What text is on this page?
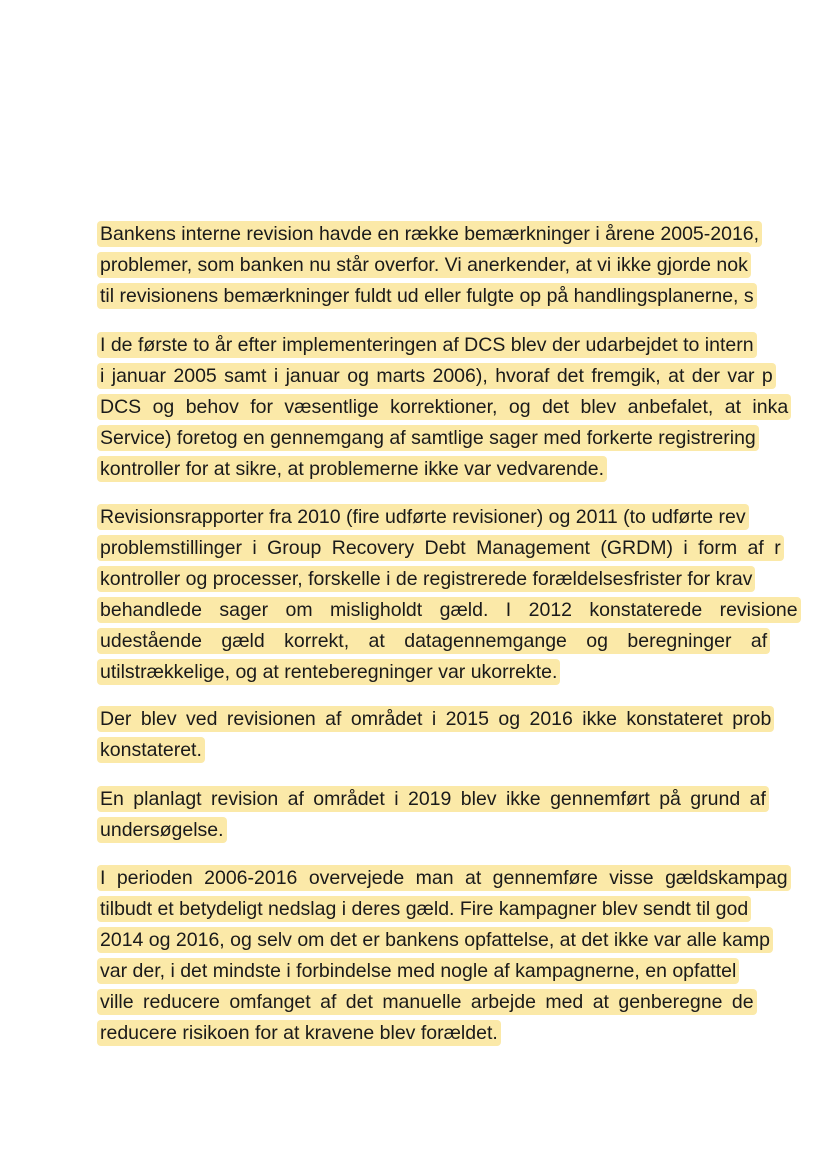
Bankens interne revision havde en række bemærkninger i årene 2005-2016,
problemer, som banken nu står overfor. Vi anerkender, at vi ikke gjorde nok
til revisionens bemærkninger fuldt ud eller fulgte op på handlingsplanerne, s
I de første to år efter implementeringen af DCS blev der udarbejdet to intern
i januar 2005 samt i januar og marts 2006), hvoraf det fremgik, at der var p
DCS og behov for væsentlige korrektioner, og det blev anbefalet, at inka
Service) foretog en gennemgang af samtlige sager med forkerte registrering
kontroller for at sikre, at problemerne ikke var vedvarende.
Revisionsrapporter fra 2010 (fire udførte revisioner) og 2011 (to udførte rev
problemstillinger i Group Recovery Debt Management (GRDM) i form af r
kontroller og processer, forskelle i de registrerede forældelsesfrister for krav
behandlede sager om misligholdt gæld. I 2012 konstaterede revisione
udestående gæld korrekt, at datagennemgange og beregninger af
utilstrækkelige, og at renteberegninger var ukorrekte.
Der blev ved revisionen af området i 2015 og 2016 ikke konstateret prob
konstateret.
En planlagt revision af området i 2019 blev ikke gennemført på grund af
undersøgelse.
I perioden 2006-2016 overvejede man at gennemføre visse gældskampag
tilbudt et betydeligt nedslag i deres gæld. Fire kampagner blev sendt til god
2014 og 2016, og selv om det er bankens opfattelse, at det ikke var alle kamp
var der, i det mindste i forbindelse med nogle af kampagnerne, en opfattel
ville reducere omfanget af det manuelle arbejde med at genberegne de
reducere risikoen for at kravene blev forældet.
